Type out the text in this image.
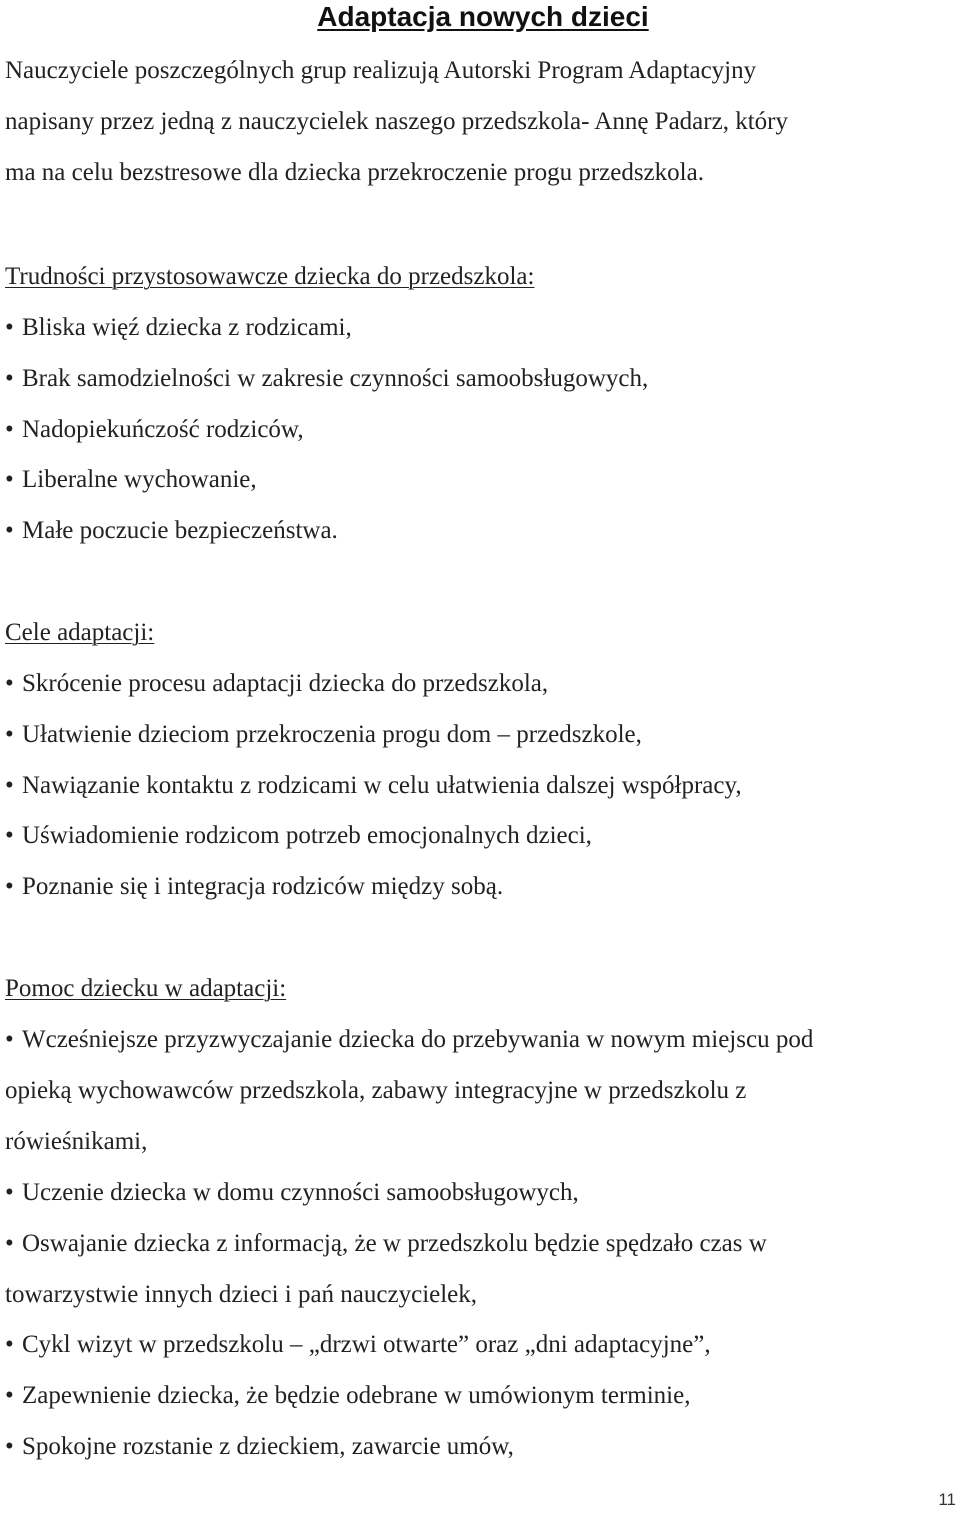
Adaptacja nowych dzieci
Nauczyciele poszczególnych grup realizują Autorski Program Adaptacyjny
napisany przez jedną z nauczycielek naszego przedszkola- Annę Padarz, który
ma na celu bezstresowe dla dziecka przekroczenie progu przedszkola.
Trudności przystosowawcze dziecka do przedszkola:
• Bliska więź dziecka z rodzicami,
• Brak samodzielności w zakresie czynności samoobsługowych,
• Nadopiekuńczość rodziców,
• Liberalne wychowanie,
• Małe poczucie bezpieczeństwa.
Cele adaptacji:
• Skrócenie procesu adaptacji dziecka do przedszkola,
• Ułatwienie dzieciom przekroczenia progu dom – przedszkole,
• Nawiązanie kontaktu z rodzicami w celu ułatwienia dalszej współpracy,
• Uświadomienie rodzicom potrzeb emocjonalnych dzieci,
• Poznanie się i integracja rodziców między sobą.
Pomoc dziecku w adaptacji:
• Wcześniejsze przyzwyczajanie dziecka do przebywania w nowym miejscu pod
opieką wychowawców przedszkola, zabawy integracyjne w przedszkolu z
rówieśnikami,
• Uczenie dziecka w domu czynności samoobsługowych,
• Oswajanie dziecka z informacją, że w przedszkolu będzie spędzało czas w
towarzystwie innych dzieci i pań nauczycielek,
• Cykl wizyt w przedszkolu – „drzwi otwarte” oraz „dni adaptacyjne”,
• Zapewnienie dziecka, że będzie odebrane w umówionym terminie,
• Spokojne rozstanie z dzieckiem, zawarcie umów,
11
